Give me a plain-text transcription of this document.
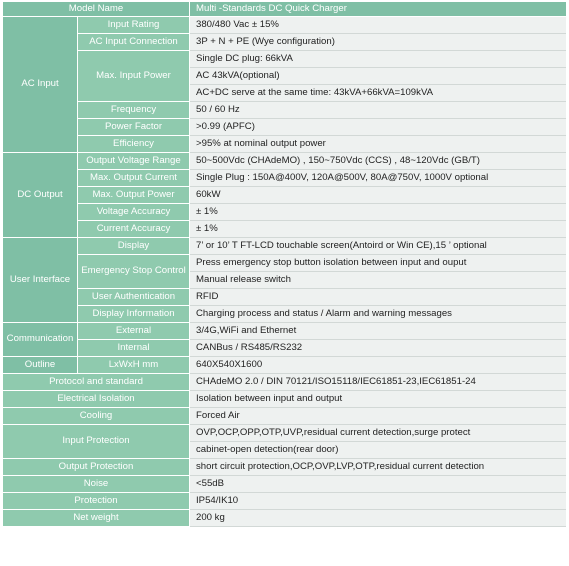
Model Name	Multi -Standards DC Quick Charger
380/480 Vac ± 15%
Input Rating
3P + N + PE (Wye configuration)
AC Input Connection
Single DC plug: 66kVA
AC 43kVA(optional)
AC+DC serve at the same time: 43kVA+66kVA=109kVA
Max. Input Power
50 / 60 Hz
Frequency
>0.99 (APFC)
Power Factor
>95% at nominal output power
Efficiency
AC Input
50~500Vdc (CHAdeMO) , 150~750Vdc (CCS) , 48~120Vdc (GB/T)
Output Voltage Range
Single Plug : 150A@400V, 120A@500V, 80A@750V, 1000V optional
Max. Output Current
60kW
Max. Output Power
± 1%
Voltage Accuracy
± 1%
Current Accuracy
DC Output
7’ or 10’ T FT-LCD touchable screen(Antoird or Win CE),15 ’ optional
Display
Press emergency stop button isolation between input and ouput
Manual release switch
Emergency Stop Control
RFID
User Authentication
Charging process and status / Alarm and warning messages
Display Information
User Interface
3/4G,WiFi and Ethernet
External
CANBus / RS485/RS232
Internal
Communication
640X540X1600
LxWxH mm
Outline
CHAdeMO 2.0 / DIN 70121/ISO15118/IEC61851-23,IEC61851-24
Protocol and standard
Isolation between input and output
Electrical Isolation
Forced Air
Cooling
OVP,OCP,OPP,OTP,UVP,residual current detection,surge protect
cabinet-open detection(rear door)
Input Protection
short circuit protection,OCP,OVP,LVP,OTP,residual current detection
Output Protection
<55dB
Noise
IP54/IK10
Protection
200 kg
Net weight
